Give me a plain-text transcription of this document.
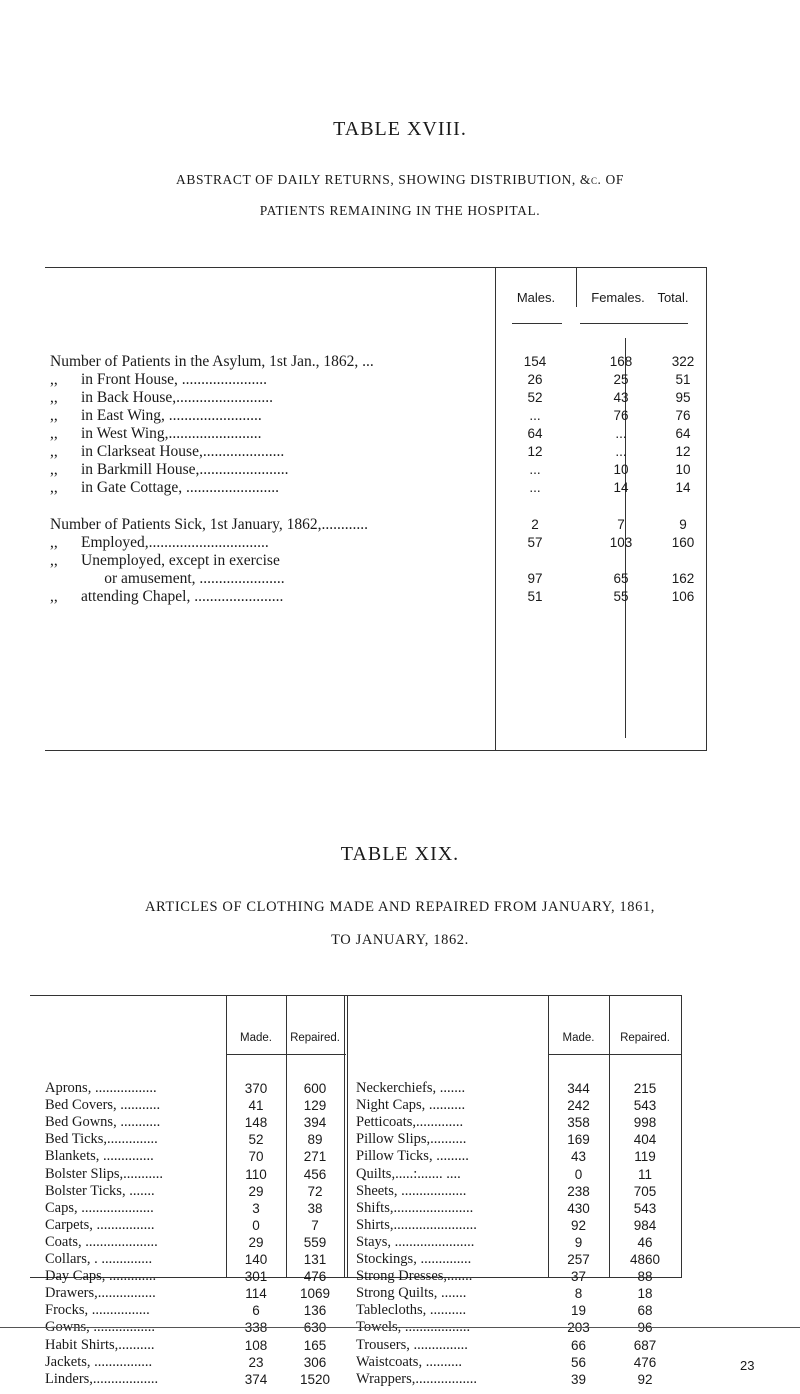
TABLE XVIII.
ABSTRACT OF DAILY RETURNS, SHOWING DISTRIBUTION, &c. OF
PATIENTS REMAINING IN THE HOSPITAL.
Males.	Females. Total.
Number of Patients in the Asylum, 1st Jan., 1862, ...	154	168	322
,,      in Front House, ......................	26	25	51
,,      in Back House,.........................	52	43	95
,,      in East Wing, ........................	...	76	76
,,      in West Wing,........................	64	...	64
,,      in Clarkseat House,.....................	12	...	12
,,      in Barkmill House,.......................	...	10	10
,,      in Gate Cottage, ........................	...	14	14
Number of Patients Sick, 1st January, 1862,............	2	7	9
,,      Employed,...............................	57	103	160
,,      Unemployed, except in exercise
or amusement, ......................	97	65	162
,,      attending Chapel, .......................	51	55	106
TABLE XIX.
ARTICLES OF CLOTHING MADE AND REPAIRED FROM JANUARY, 1861,
TO JANUARY, 1862.
Made.	Repaired.	Made.	Repaired.
Aprons, .................	370	600	Neckerchiefs, .......	344	215
Bed Covers, ...........	41	129	Night Caps, ..........	242	543
Bed Gowns, ...........	148	394	Petticoats,.............	358	998
Bed Ticks,..............	52	89	Pillow Slips,..........	169	404
Blankets, ..............	70	271	Pillow Ticks, .........	43	119
Bolster Slips,...........	110	456	Quilts,.....:....... ....	0	11
Bolster Ticks, .......	29	72	Sheets, ..................	238	705
Caps, ....................	3	38	Shifts,......................	430	543
Carpets, ................	0	7	Shirts,.......................	92	984
Coats, ....................	29	559	Stays, ......................	9	46
Collars, . ..............	140	131	Stockings, ..............	257	4860
Day Caps, .............	301	476	Strong Dresses,.......	37	88
Drawers,................	114	1069	Strong Quilts, .......	8	18
Frocks, ................	6	136	Tablecloths, ..........	19	68
Gowns, .................	338	630	Towels, ..................	203	96
Habit Shirts,..........	108	165	Trousers, ...............	66	687
Jackets, ................	23	306	Waistcoats, ..........	56	476
Linders,..................	374	1520	Wrappers,.................	39	92
23
